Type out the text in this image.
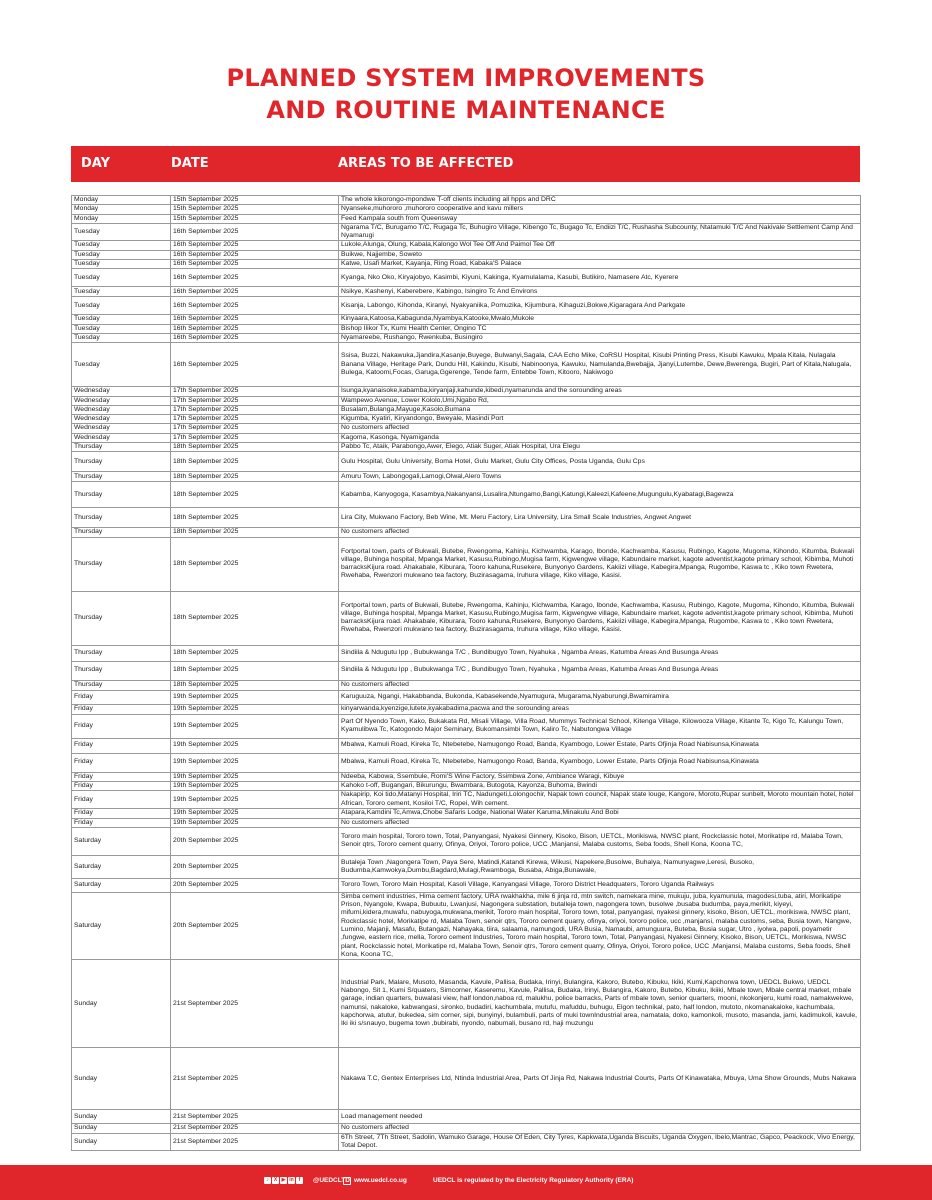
PLANNED SYSTEM IMPROVEMENTS
AND ROUTINE MAINTENANCE
DAY	DATE	AREAS TO BE AFFECTED
Monday	15th September 2025	The whole kikorongo-mpondwe T-off clients including all hpps and DRC
Monday	15th September 2025	Nyanseke,muhororo ,muhororo cooperative and kavu millers
Monday	15th September 2025	Feed Kampala south from Queensway
Tuesday	16th September 2025	Ngarama T/C, Burugamo T/C, Rugaga Tc, Buhugiro Village, Kibengo Tc, Bugago Tc, Endiizi T/C, Rushasha Subcounty, Ntatamuki T/C And Nakivale Settlement Camp And Nyamarugi
Tuesday	16th September 2025	Lukole,Alunga, Olung, Kabala,Kalongo Wol Tee Off And Paimol Tee Off
Tuesday	16th September 2025	Buikwe, Najjembe, Soweto
Tuesday	16th September 2025	Katwe, Usafi Market, Kayanja, Ring Road, Kabaka'S Palace
Tuesday	16th September 2025	Kyanga, Nko Oko, Kiryajobyo, Kasimbi, Kiyuni, Kakinga, Kyamulalama, Kasubi, Butikiro, Namasere Atc, Kyerere
Tuesday	16th September 2025	Nsikye, Kashenyi, Kaberebere, Kabingo, Isingiro Tc And Environs
Tuesday	16th September 2025	Kisanja, Labongo, Kihonda, Kiranyi, Nyakyaniika, Pomuzika, Kijumbura, Kihaguzi,Bokwe,Kigaragara And Parkgate
Tuesday	16th September 2025	Kinyaara,Katoosa,Kabagunda,Nyambya,Katooke,Mwalo,Mukole
Tuesday	16th September 2025	Bishop Ilikor Tx, Kumi Health Center, Ongino TC
Tuesday	16th September 2025	Nyamareebe, Rushango, Rwenkuba, Busingiro
Tuesday	16th September 2025	Ssisa, Buzzi, Nakawuka,Jjandira,Kasanje,Buyege, Bulwanyi,Sagala, CAA Echo Mike, CoRSU Hospital, Kisubi Printing Press, Kisubi Kawuku, Mpala Kitala, Nulagala Banana Village, Heritage Park, Dundu Hill, Kakindu, Kisubi, Nabinoonya, Kawuku, Namulanda,Bwebajja, Jjanyi,Lutembe, Dewe,Bwerenga, Bugiri, Part of Kitala,Nalugala, Bulega, Katoomi,Focas, Garuga,Ggerenge, Tende farm, Entebbe Town, Kitooro, Nakiwogo
Wednesday	17th September 2025	Isunga,kyanaisoke,kabamba,kiryanjaji,kahunde,kibedi,nyamarunda and the sorounding areas
Wednesday	17th September 2025	Wampewo Avenue, Lower Kololo,Umi,Ngabo Rd,
Wednesday	17th September 2025	Busalam,Bulanga,Mayuge,Kasolo,Bumana
Wednesday	17th September 2025	Kigumba, Kyatiri, Kiryandongo, Bweyale, Masindi Port
Wednesday	17th September 2025	No customers affected
Wednesday	17th September 2025	Kagoma, Kasonga, Nyamiganda
Thursday	18th September 2025	Pabbo Tc, Ataik, Parabongo,Awer, Elego, Atiak Suger, Atiak Hospital, Ura Elegu
Thursday	18th September 2025	Gulu Hospital, Gulu University, Boma Hotel, Gulu Market, Gulu City Offices, Posta Uganda, Gulu Cps
Thursday	18th September 2025	Amuru Town, Labongogali,Lamogi,Olwal,Alero Towns
Thursday	18th September 2025	Kabamba, Kanyogoga, Kasambya,Nakanyansi,Lusalira,Ntungamo,Bangi,Katungi,Kaleezi,Kafeene,Mugungulu,Kyabatagi,Bagewza
Thursday	18th September 2025	Lira City, Mukwano Factory, Beb Wine, Mt. Meru Factory, Lira University, Lira Small Scale Industries, Angwet Angwet
Thursday	18th September 2025	No customers affected
Thursday	18th September 2025	Fortportal town, parts of Bukwali, Butebe, Rwengoma, Kahinju, Kichwamba, Karago, Ibonde, Kachwamba, Kasusu, Rubingo, Kagote, Mugoma, Kihondo, Kitumba, Bukwali village, Buhinga hospital, Mpanga Market, Kasusu,Rubingo,Mugisa farm, Kigwengwe village, Kabundaire market, kagote adventist,kagote primary school, Kibimba, Muhoti barracksKijura road. Ahakabale, Kiburara, Tooro kahuna,Rusekere, Bunyonyo Gardens, Kakiizi village, Kabegira,Mpanga, Rugombe, Kaswa tc , Kiko town Rwetera, Rwehaba, Rwenzori mukwano tea factory, Buzirasagama, Iruhura village, Kiko village, Kasisi.
Thursday	18th September 2025	Fortportal town, parts of Bukwali, Butebe, Rwengoma, Kahinju, Kichwamba, Karago, Ibonde, Kachwamba, Kasusu, Rubingo, Kagote, Mugoma, Kihondo, Kitumba, Bukwali village, Buhinga hospital, Mpanga Market, Kasusu,Rubingo,Mugisa farm, Kigwengwe village, Kabundaire market, kagote adventist,kagote primary school, Kibimba, Muhoti barracksKijura road. Ahakabale, Kiburara, Tooro kahuna,Rusekere, Bunyonyo Gardens, Kakiizi village, Kabegira,Mpanga, Rugombe, Kaswa tc , Kiko town Rwetera, Rwehaba, Rwenzori mukwano tea factory, Buzirasagama, Iruhura village, Kiko village, Kasisi.
Thursday	18th September 2025	Sindiila & Ndugutu Ipp , Bubukwanga T/C , Bundibugyo Town, Nyahuka , Ngamba Areas, Katumba Areas And Busunga Areas
Thursday	18th September 2025	Sindiila & Ndugutu Ipp , Bubukwanga T/C , Bundibugyo Town, Nyahuka , Ngamba Areas, Katumba Areas And Busunga Areas
Thursday	18th September 2025	No customers affected
Friday	19th September 2025	Karuguuza, Ngangi, Hakabbanda, Bukonda, Kabasekende,Nyamugura, Mugarama,Nyaburungi,Bwamiramira
Friday	19th September 2025	kinyarwanda,kyenzige,lutete,kyakabadima,pacwa and the sorounding areas
Friday	19th September 2025	Part Of Nyendo Town, Kako, Bukakata Rd, Misali Village, Villa Road, Mummys Technical School, Kitenga Village, Kilowooza Village, Kitante Tc, Kigo Tc, Kalungu Town, Kyamulibwa Tc, Katogondo Major Seminary, Bukomansimbi Town, Kaliro Tc, Nabutongwa Village
Friday	19th September 2025	Mbalwa, Kamuli Road, Kireka Tc, Ntebetebe, Namugongo Road, Banda, Kyambogo, Lower Estate, Parts Ofjinja Road Nabisunsa,Kinawata
Friday	19th September 2025	Mbalwa, Kamuli Road, Kireka Tc, Ntebetebe, Namugongo Road, Banda, Kyambogo, Lower Estate, Parts Ofjinja Road Nabisunsa,Kinawata
Friday	19th September 2025	Ndeeba, Kabowa, Ssembule, Romi'S Wine Factory, Ssimbwa Zone, Ambiance Waragi, Kibuye
Friday	19th September 2025	Kahoko t-off, Bugangari, Bikurungu, Bwambara, Butogota, Kayonza, Buhoma, Bwindi
Friday	19th September 2025	Nakapirip, Koi tido,Matanyi Hospital, Iriri TC, Nadungeti,Lolongochir, Napak town council, Napak state louge, Kangore, Moroto,Rupar sunbelt, Moroto mountain hotel, hotel African, Tororo cement, Kosiloi T/C, Ropei, Wih cement.
Friday	19th September 2025	Atapara,Kamdini Tc,Amwa,Chobe Safaris Lodge, National Water Karuma,Minakulu And Bobi
Friday	19th September 2025	No customers affected
Saturday	20th September 2025	Tororo main hospital, Tororo town, Total, Panyangasi, Nyakesi Ginnery, Kisoko, Bison, UETCL, Morikiswa, NWSC plant, Rockclassic hotel, Morikatipe rd, Malaba Town, Senoir qtrs, Tororo cement quarry, Ofinya, Oriyoi, Tororo police, UCC ,Manjansi, Malaba customs, Seba foods, Shell Kona, Koona TC,
Saturday	20th September 2025	Butaleja Town ,Nagongera Town, Paya Sere, Matindi,Katandi Kirewa, Wikusi, Napekere,Busolwe, Buhalya, Namunyagwe,Leresi, Busoko, Budumba,Kamwokya,Dumbu,Bagdard,Mulagi,Rwamboga, Busaba, Abiga,Bunawale,
Saturday	20th September 2025	Tororo Town, Tororo Main Hospital, Kasoli Village, Kanyangasi Village, Tororo District Headquaters, Tororo Uganda Railways
Saturday	20th September 2025	Simba cement industries, Hima cement factory, URA rwakhakha, mile 6 jinja rd, mtn switch, namekara mine, mukuju, juba, kyamunula, magodesi,tuba, atiri, Morikatipe Prison, Nyangole, Kwapa, Bubuutu, Lwanjusi, Nagongera substation, butalleja town, nagongera town, busolwe ,busaba budumba, paya,merikit, kiyeyi, mifumi,kidera,muwafu, nabuyoga,mukwana,merikit, Tororo main hospital, Tororo town, total, panyangasi, nyakesi ginnery, kisoko, Bison, UETCL, morikiswa, NWSC plant, Rockclassic hotel, Morikatipe rd, Malaba Town, senoir qtrs, Tororo cement quarry, ofinya, oriyoi, tororo police, ucc ,manjansi, malaba customs, seba, Busia town, Nangwe, Lumino, Majanji, Masafu, Butangazi, Nahayaka, tiira, salaama, namungodi, URA Busia, Namaubi, amunguura, Buteba, Busia sugar, Utro , iyolwa, papoli, poyametir ,fungwe, eastern rice, mella, Tororo cement Industries, Tororo main hospital, Tororo town, Total, Panyangasi, Nyakesi Ginnery, Kisoko, Bison, UETCL, Morikiswa, NWSC plant, Rockclassic hotel, Morikatipe rd, Malaba Town, Senoir qtrs, Tororo cement quarry, Ofinya, Oriyoi, Tororo police, UCC ,Manjansi, Malaba customs, Seba foods, Shell Kona, Koona TC,
Sunday	21st September 2025	Industrial Park, Malare, Musoto, Masanda, Kavule, Pallisa, Budaka, Irinyi, Bulangira, Kakoro, Butebo, Kibuku, Ikiki, Kumi,Kapchorwa town, UEDCL Bukwo, UEDCL Nabongo, Sit 1, Kumi S/quaters, Simcorner, Kaseremu, Kavule, Pallisa, Budaka, Irinyi, Bulangira, Kakoro, Butebo, Kibuku, Ikiiki, Mbale town, Mbale central market, mbale garage, indian quarters, buwalasi view, half london,naboa rd, malukhu, police barracks, Parts of mbale town, senior quarters, mooni, nkokonjeru, kumi road, namakwekwe, namunsi, nakaloke, kabwangasi, sironko, budadiri, kachumbala, mutufu, mafuddu, buhugu, Elgon technikal, pato, half london, mutoto, nkomanakaloke, kachumbala, kapchorwa, atutur, bukedea, sim corner, sipi, bunyinyi, bulambuli, parts of muki townIndustrial area, namatala, doko, kamonkoli, musoto, masanda, jami, kadimukoli, kavule, Iki iki s/snauyo, bugema town ,bubirabi, nyondo, nabumali, busano rd, haji muzungu
Sunday	21st September 2025	Nakawa T.C, Gentex Enterprises Ltd, Ntinda Industrial Area, Parts Of Jinja Rd, Nakawa Industrial Courts, Parts Of Kinawataka, Mbuya, Uma Show Grounds, Mubs Nakawa
Sunday	21st September 2025	Load management needed
Sunday	21st September 2025	No customers affected
Sunday	21st September 2025	6Th Street, 7Th Street, Sadolin, Wamuko Garage, House Of Eden, City Tyres, Kapkwata,Uganda Biscuits, Uganda Oxygen, Ibelo,Mantrac, Gapco, Peackock, Vivo Energy, Total Depot.
♪	X ▶ in f	@UEDCLTD www.uedcl.co.ug	UEDCL is regulated by the Electricity Regulatory Authority (ERA)
